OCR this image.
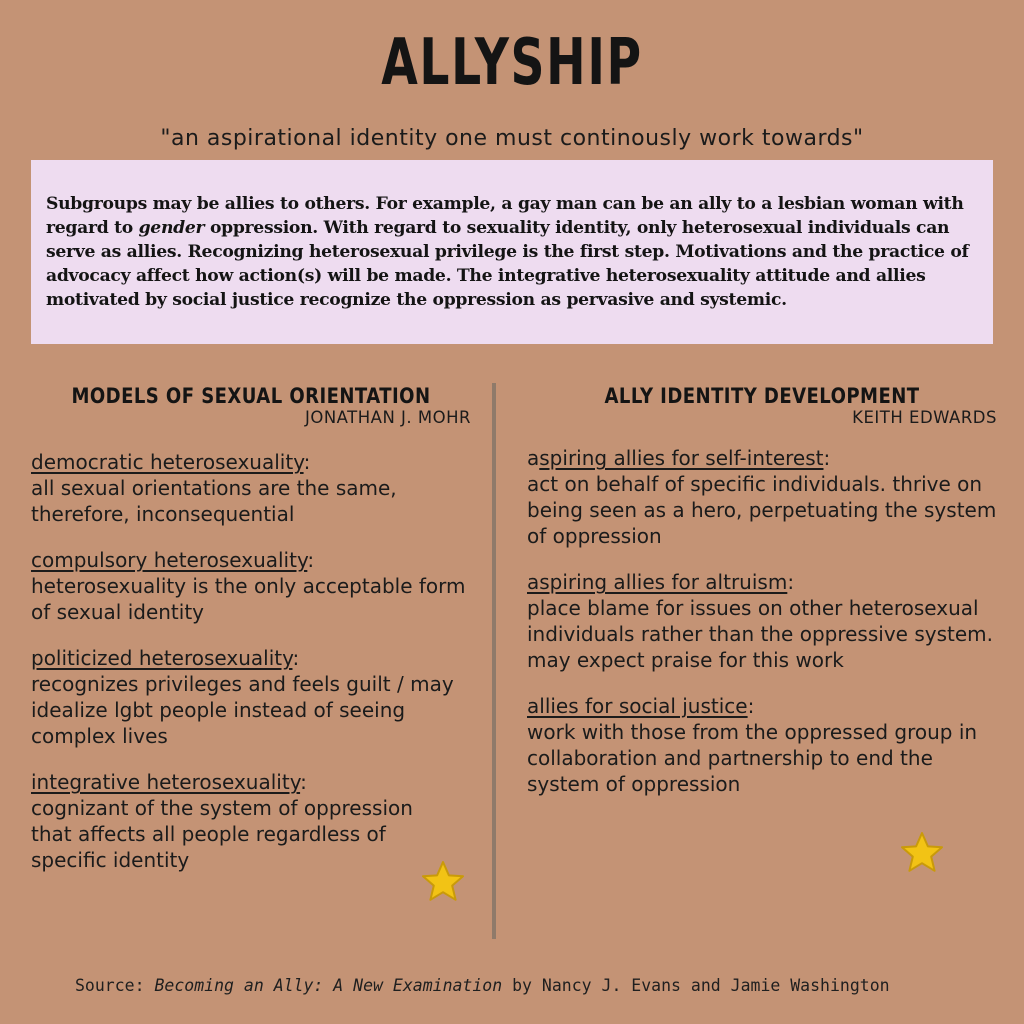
ALLYSHIP
"an aspirational identity one must continously work towards"
Subgroups may be allies to others. For example, a gay man can be an ally to a lesbian woman with regard to gender oppression. With regard to sexuality identity, only heterosexual individuals can serve as allies. Recognizing heterosexual privilege is the first step. Motivations and the practice of advocacy affect how action(s) will be made. The integrative heterosexuality attitude and allies motivated by social justice recognize the oppression as pervasive and systemic.
MODELS OF SEXUAL ORIENTATION
JONATHAN J. MOHR
democratic heterosexuality:
all sexual orientations are the same, therefore, inconsequential
compulsory heterosexuality:
heterosexuality is the only acceptable form of sexual identity
politicized heterosexuality:
recognizes privileges and feels guilt / may idealize lgbt people instead of seeing complex lives
integrative heterosexuality:
cognizant of the system of oppression that affects all people regardless of specific identity
ALLY IDENTITY DEVELOPMENT
KEITH EDWARDS
aspiring allies for self-interest:
act on behalf of specific individuals. thrive on being seen as a hero, perpetuating the system of oppression
aspiring allies for altruism:
place blame for issues on other heterosexual individuals rather than the oppressive system. may expect praise for this work
allies for social justice:
work with those from the oppressed group in collaboration and partnership to end the system of oppression
Source: Becoming an Ally: A New Examination by Nancy J. Evans and Jamie Washington
